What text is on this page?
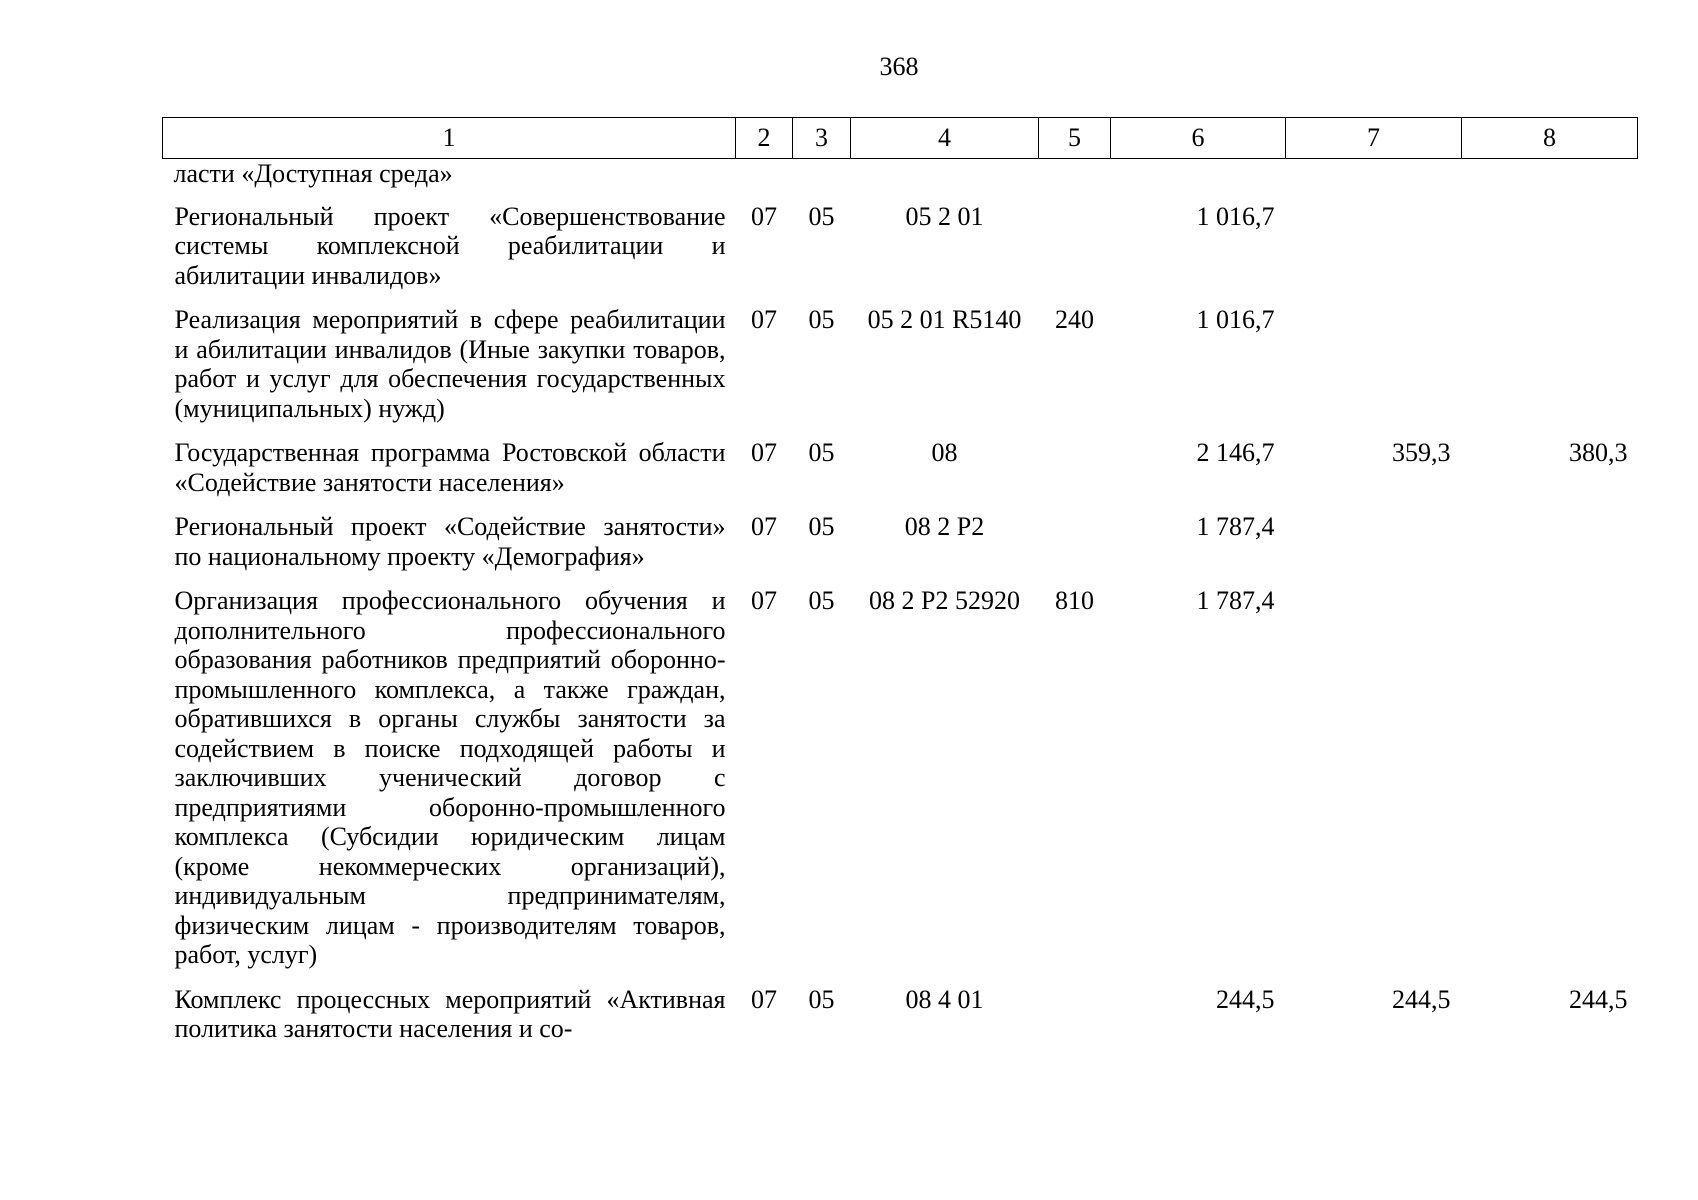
368
1	2	3	4	5	6	7	8
ласти «Доступная среда»							

Региональный проект «Совершенствование системы комплексной реабилитации и абилитации инвалидов»	07	05	05 2 01		1 016,7		

Реализация мероприятий в сфере реабилитации и абилитации инвалидов (Иные закупки товаров, работ и услуг для обеспечения государственных (муниципальных) нужд)	07	05	05 2 01 R5140	240	1 016,7		

Государственная программа Ростовской области «Содействие занятости населения»	07	05	08		2 146,7	359,3	380,3

Региональный проект «Содействие занятости» по национальному проекту «Демография»	07	05	08 2 P2		1 787,4		

Организация профессионального обучения и дополнительного профессионального образования работников предприятий оборонно-промышленного комплекса, а также граждан, обратившихся в органы службы занятости за содействием в поиске подходящей работы и заключивших ученический договор с предприятиями оборонно-промышленного комплекса (Субсидии юридическим лицам (кроме некоммерческих организаций), индивидуальным предпринимателям, физическим лицам - производителям товаров, работ, услуг)	07	05	08 2 P2 52920	810	1 787,4		

Комплекс процессных мероприятий «Активная политика занятости населения и со-	07	05	08 4 01		244,5	244,5	244,5
